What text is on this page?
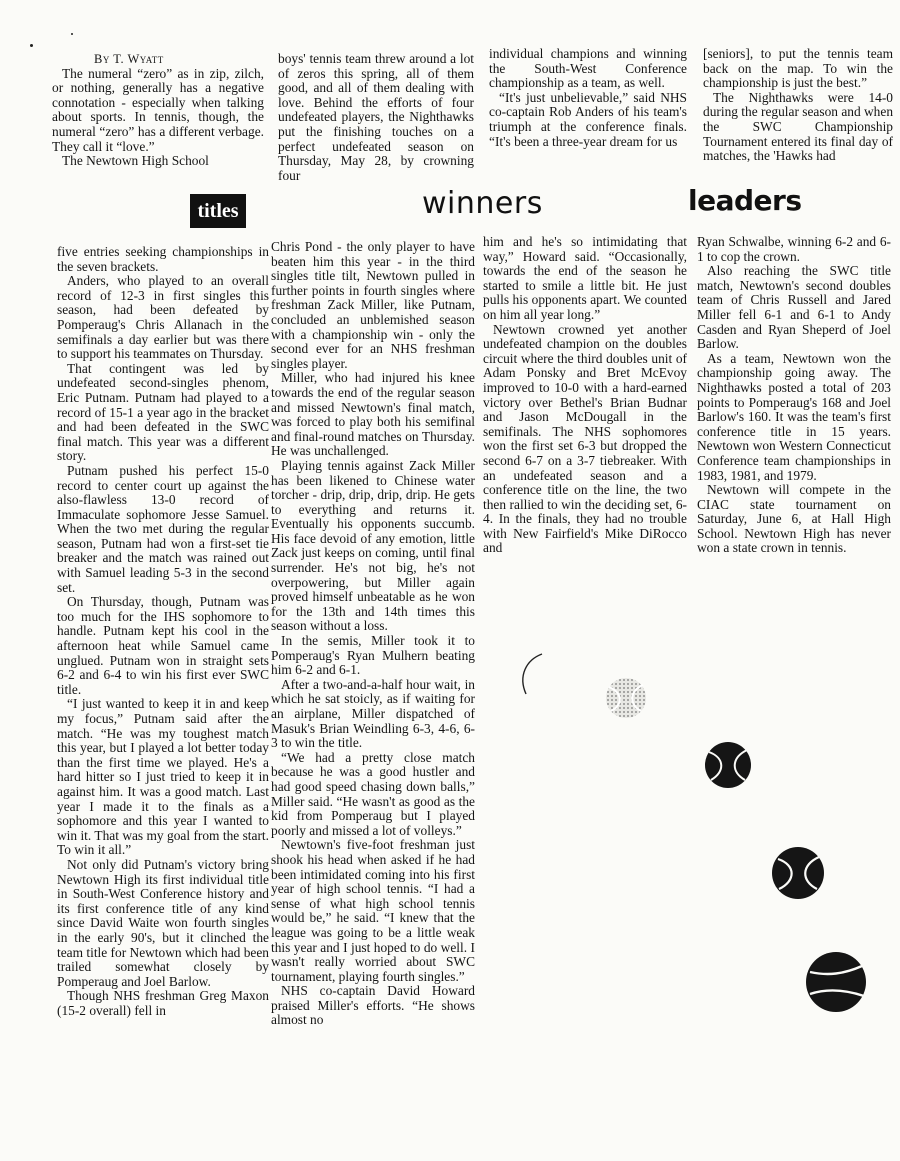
By T. Wyatt

The numeral “zero” as in zip, zilch, or nothing, generally has a negative connotation - especially when talking about sports. In tennis, though, the numeral “zero” has a different verbage. They call it “love.”

The Newtown High School

boys' tennis team threw around a lot of zeros this spring, all of them good, and all of them dealing with love. Behind the efforts of four undefeated players, the Nighthawks put the finishing touches on a perfect undefeated season on Thursday, May 28, by crowning four

individual champions and winning the South-West Conference championship as a team, as well.

“It's just unbelievable,” said NHS co-captain Rob Anders of his team's triumph at the conference finals. “It's been a three-year dream for us

[seniors], to put the tennis team back on the map. To win the championship is just the best.”

The Nighthawks were 14-0 during the regular season and when the SWC Championship Tournament entered its final day of matches, the 'Hawks had

titles	winners	leaders

five entries seeking championships in the seven brackets.

Anders, who played to an overall record of 12-3 in first singles this season, had been defeated by Pomperaug's Chris Allanach in the semifinals a day earlier but was there to support his teammates on Thursday.

That contingent was led by undefeated second-singles phenom, Eric Putnam. Putnam had played to a record of 15-1 a year ago in the bracket and had been defeated in the SWC final match. This year was a different story.

Putnam pushed his perfect 15-0 record to center court up against the also-flawless 13-0 record of Immaculate sophomore Jesse Samuel. When the two met during the regular season, Putnam had won a first-set tie breaker and the match was rained out with Samuel leading 5-3 in the second set.

On Thursday, though, Putnam was too much for the IHS sophomore to handle. Putnam kept his cool in the afternoon heat while Samuel came unglued. Putnam won in straight sets 6-2 and 6-4 to win his first ever SWC title.

“I just wanted to keep it in and keep my focus,” Putnam said after the match. “He was my toughest match this year, but I played a lot better today than the first time we played. He's a hard hitter so I just tried to keep it in against him. It was a good match. Last year I made it to the finals as a sophomore and this year I wanted to win it. That was my goal from the start. To win it all.”

Not only did Putnam's victory bring Newtown High its first individual title in South-West Conference history and its first conference title of any kind since David Waite won fourth singles in the early 90's, but it clinched the team title for Newtown which had been trailed somewhat closely by Pomperaug and Joel Barlow.

Though NHS freshman Greg Maxon (15-2 overall) fell in

Chris Pond - the only player to have beaten him this year - in the third singles title tilt, Newtown pulled in further points in fourth singles where freshman Zack Miller, like Putnam, concluded an unblemished season with a championship win - only the second ever for an NHS freshman singles player.

Miller, who had injured his knee towards the end of the regular season and missed Newtown's final match, was forced to play both his semifinal and final-round matches on Thursday. He was unchallenged.

Playing tennis against Zack Miller has been likened to Chinese water torcher - drip, drip, drip, drip. He gets to everything and returns it. Eventually his opponents succumb. His face devoid of any emotion, little Zack just keeps on coming, until final surrender. He's not big, he's not overpowering, but Miller again proved himself unbeatable as he won for the 13th and 14th times this season without a loss.

In the semis, Miller took it to Pomperaug's Ryan Mulhern beating him 6-2 and 6-1.

After a two-and-a-half hour wait, in which he sat stoicly, as if waiting for an airplane, Miller dispatched of Masuk's Brian Weindling 6-3, 4-6, 6-3 to win the title.

“We had a pretty close match because he was a good hustler and had good speed chasing down balls,” Miller said. “He wasn't as good as the kid from Pomperaug but I played poorly and missed a lot of volleys.”

Newtown's five-foot freshman just shook his head when asked if he had been intimidated coming into his first year of high school tennis. “I had a sense of what high school tennis would be,” he said. “I knew that the league was going to be a little weak this year and I just hoped to do well. I wasn't really worried about SWC tournament, playing fourth singles.”

NHS co-captain David Howard praised Miller's efforts. “He shows almost no

him and he's so intimidating that way,” Howard said. “Occasionally, towards the end of the season he started to smile a little bit. He just pulls his opponents apart. We counted on him all year long.”

Newtown crowned yet another undefeated champion on the doubles circuit where the third doubles unit of Adam Ponsky and Bret McEvoy improved to 10-0 with a hard-earned victory over Bethel's Brian Budnar and Jason McDougall in the semifinals. The NHS sophomores won the first set 6-3 but dropped the second 6-7 on a 3-7 tiebreaker. With an undefeated season and a conference title on the line, the two then rallied to win the deciding set, 6-4. In the finals, they had no trouble with New Fairfield's Mike DiRocco and

Ryan Schwalbe, winning 6-2 and 6-1 to cop the crown.

Also reaching the SWC title match, Newtown's second doubles team of Chris Russell and Jared Miller fell 6-1 and 6-1 to Andy Casden and Ryan Sheperd of Joel Barlow.

As a team, Newtown won the championship going away. The Nighthawks posted a total of 203 points to Pomperaug's 168 and Joel Barlow's 160. It was the team's first conference title in 15 years. Newtown won Western Connecticut Conference team championships in 1983, 1981, and 1979.

Newtown will compete in the CIAC state tournament on Saturday, June 6, at Hall High School. Newtown High has never won a state crown in tennis.
